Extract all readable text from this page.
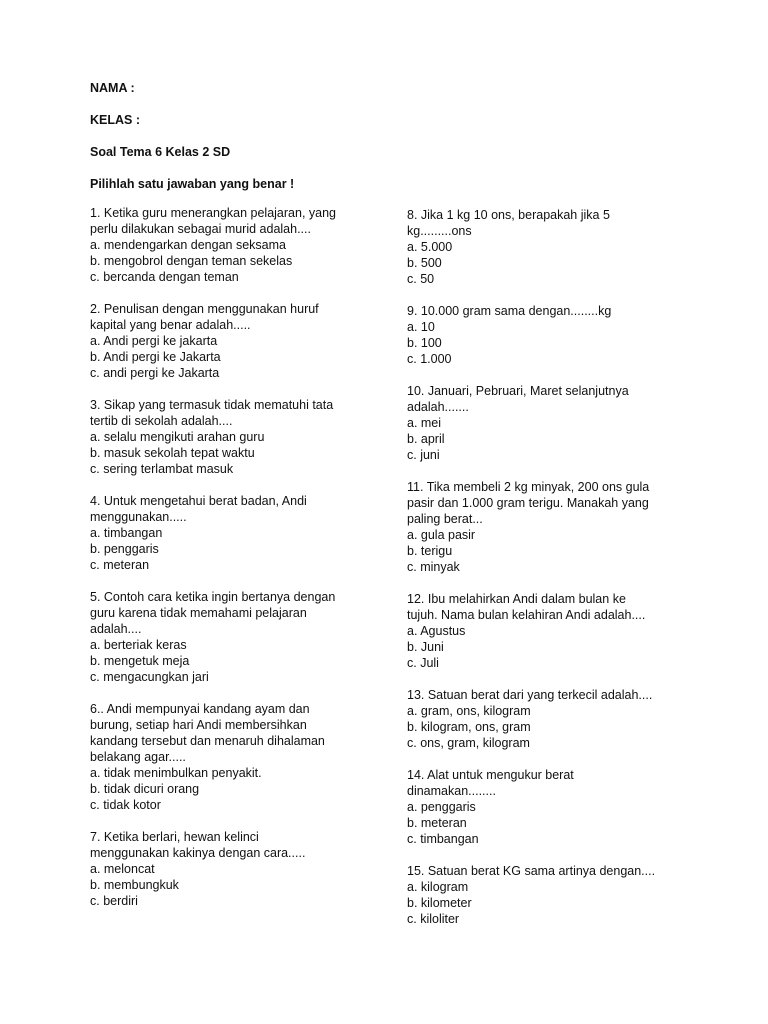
NAMA :
KELAS :
Soal Tema 6 Kelas 2 SD
Pilihlah satu jawaban yang benar !
1. Ketika guru menerangkan pelajaran, yang
perlu dilakukan sebagai murid adalah....
a. mendengarkan dengan seksama
b. mengobrol dengan teman sekelas
c. bercanda dengan teman
2. Penulisan dengan menggunakan huruf
kapital yang benar adalah.....
a. Andi pergi ke jakarta
b. Andi pergi ke Jakarta
c. andi pergi ke Jakarta
3. Sikap yang termasuk tidak mematuhi tata
tertib di sekolah adalah....
a. selalu mengikuti arahan guru
b. masuk sekolah tepat waktu
c. sering terlambat masuk
4. Untuk mengetahui berat badan, Andi
menggunakan.....
a. timbangan
b. penggaris
c. meteran
5. Contoh cara ketika ingin bertanya dengan
guru karena tidak memahami pelajaran
adalah....
a. berteriak keras
b. mengetuk meja
c. mengacungkan jari
6.. Andi mempunyai kandang ayam dan
burung, setiap hari Andi membersihkan
kandang tersebut dan menaruh dihalaman
belakang agar.....
a. tidak menimbulkan penyakit.
b. tidak dicuri orang
c. tidak kotor
7. Ketika berlari, hewan kelinci
menggunakan kakinya dengan cara.....
a. meloncat
b. membungkuk
c. berdiri
8. Jika 1 kg 10 ons, berapakah jika 5
kg.........ons
a. 5.000
b. 500
c. 50
9. 10.000 gram sama dengan........kg
a. 10
b. 100
c. 1.000
10. Januari, Pebruari, Maret selanjutnya
adalah.......
a. mei
b. april
c. juni
11. Tika membeli 2 kg minyak, 200 ons gula
pasir dan 1.000 gram terigu. Manakah yang
paling berat...
a. gula pasir
b. terigu
c. minyak
12. Ibu melahirkan Andi dalam bulan ke
tujuh. Nama bulan kelahiran Andi adalah....
a. Agustus
b. Juni
c. Juli
13. Satuan berat dari yang terkecil adalah....
a. gram, ons, kilogram
b. kilogram, ons, gram
c. ons, gram, kilogram
14. Alat untuk mengukur berat
dinamakan........
a. penggaris
b. meteran
c. timbangan
15. Satuan berat KG sama artinya dengan....
a. kilogram
b. kilometer
c. kiloliter
